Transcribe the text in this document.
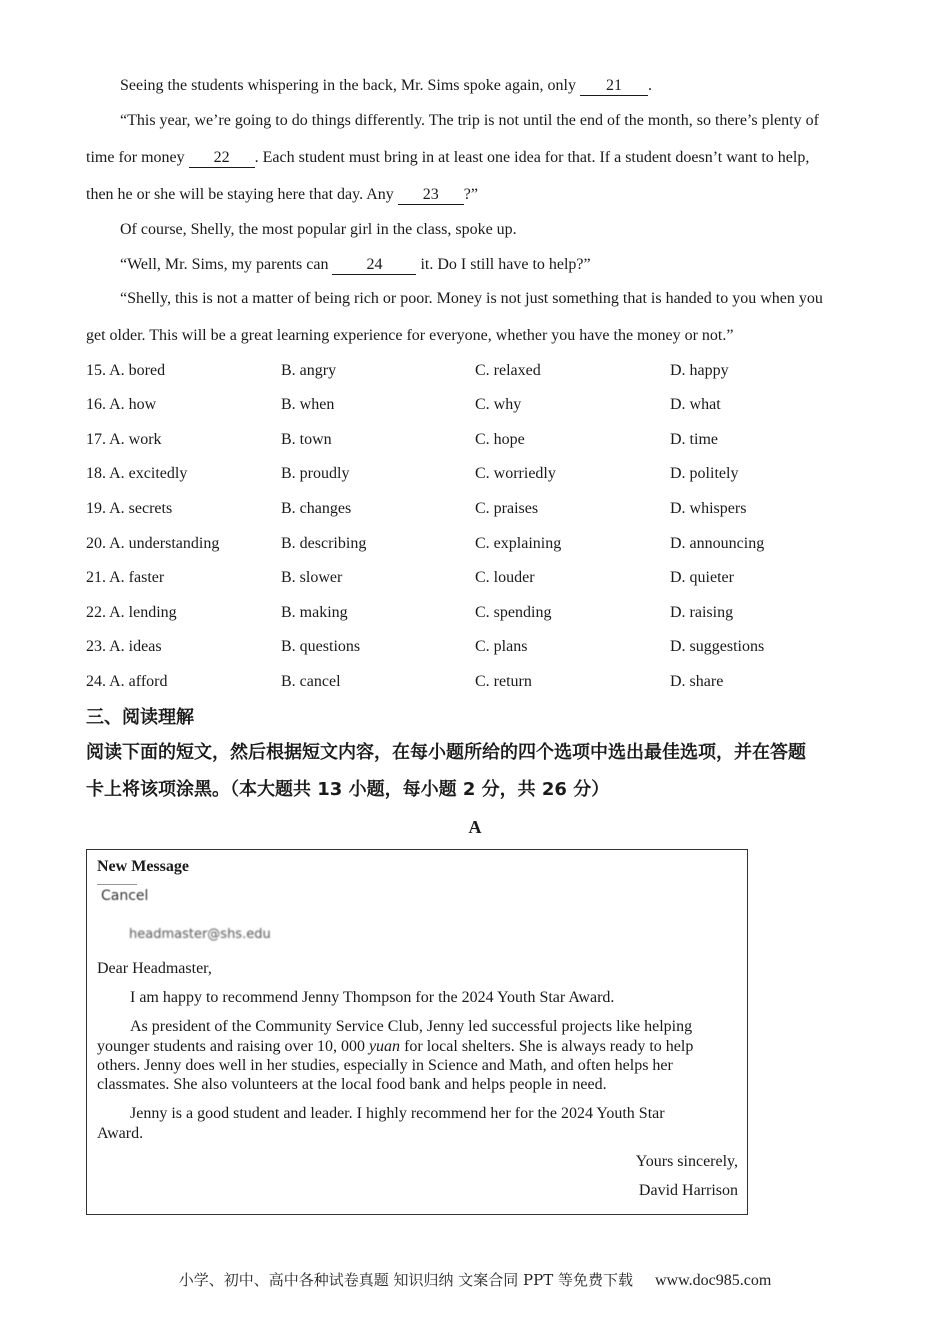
Seeing the students whispering in the back, Mr. Sims spoke again, only 21 .
“This year, we’re going to do things differently. The trip is not until the end of the month, so there’s plenty of
time for money 22 . Each student must bring in at least one idea for that. If a student doesn’t want to help,
then he or she will be staying here that day. Any 23 ?”
Of course, Shelly, the most popular girl in the class, spoke up.
“Well, Mr. Sims, my parents can 24 it. Do I still have to help?”
“Shelly, this is not a matter of being rich or poor. Money is not just something that is handed to you when you
get older. This will be a great learning experience for everyone, whether you have the money or not.”
15. A. bored	B. angry	C. relaxed	D. happy
16. A. how	B. when	C. why	D. what
17. A. work	B. town	C. hope	D. time
18. A. excitedly	B. proudly	C. worriedly	D. politely
19. A. secrets	B. changes	C. praises	D. whispers
20. A. understanding	B. describing	C. explaining	D. announcing
21. A. faster	B. slower	C. louder	D. quieter
22. A. lending	B. making	C. spending	D. raising
23. A. ideas	B. questions	C. plans	D. suggestions
24. A. afford	B. cancel	C. return	D. share
三、阅读理解
阅读下面的短文，然后根据短文内容，在每小题所给的四个选项中选出最佳选项，并在答题
卡上将该项涂黑。（本大题共 13 小题，每小题 2 分，共 26 分）
A
New Message
Cancel
headmaster@shs.edu
Dear Headmaster,
I am happy to recommend Jenny Thompson for the 2024 Youth Star Award.
As president of the Community Service Club, Jenny led successful projects like helping
younger students and raising over 10, 000 yuan for local shelters. She is always ready to help
others. Jenny does well in her studies, especially in Science and Math, and often helps her
classmates. She also volunteers at the local food bank and helps people in need.
Jenny is a good student and leader. I highly recommend her for the 2024 Youth Star
Award.
Yours sincerely,
David Harrison
小学、初中、高中各种试卷真题 知识归纳 文案合同 PPT 等免费下载 www.doc985.com
